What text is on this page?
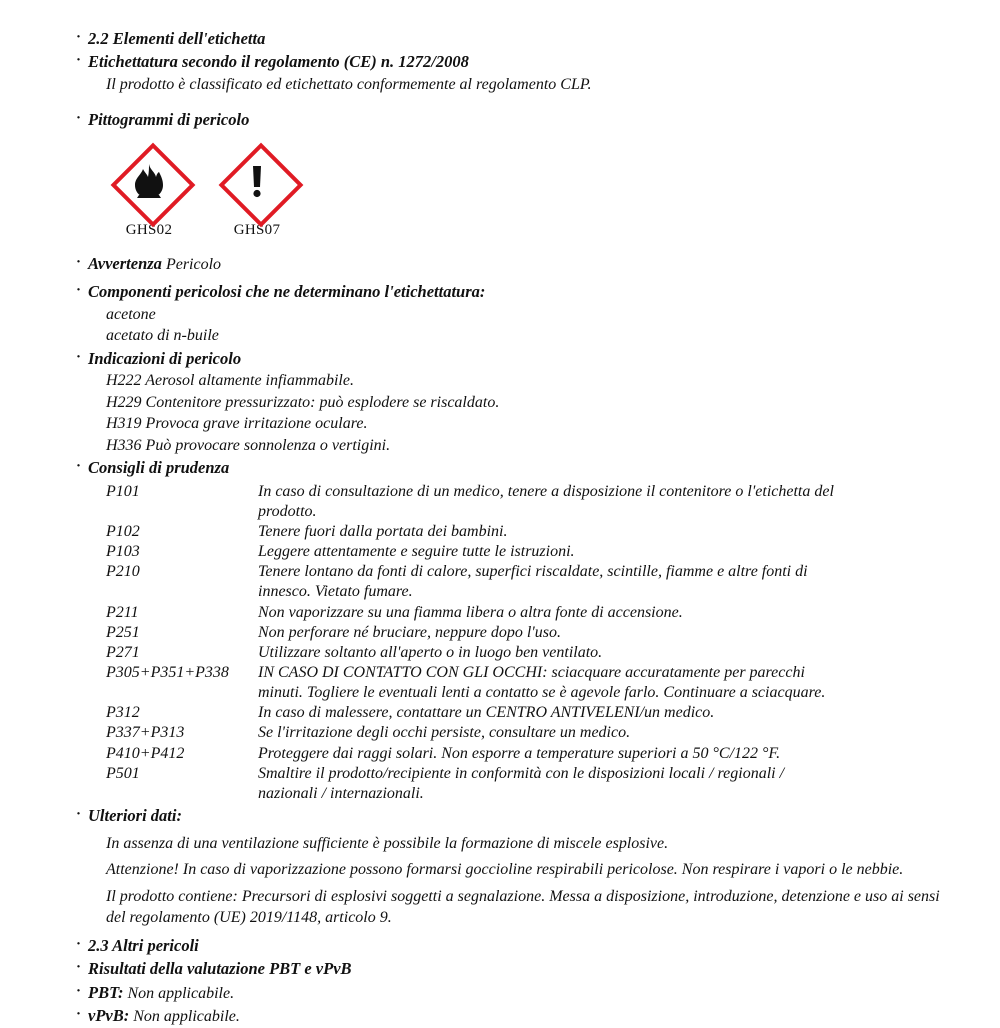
· 2.2 Elementi dell'etichetta
· Etichettatura secondo il regolamento (CE) n. 1272/2008
Il prodotto è classificato ed etichettato conformemente al regolamento CLP.
· Pittogrammi di pericolo
GHS02	GHS07
· Avvertenza Pericolo
· Componenti pericolosi che ne determinano l'etichettatura:
acetone
acetato di n-buile
· Indicazioni di pericolo
H222 Aerosol altamente infiammabile.
H229 Contenitore pressurizzato: può esplodere se riscaldato.
H319 Provoca grave irritazione oculare.
H336 Può provocare sonnolenza o vertigini.
· Consigli di prudenza
P101	In caso di consultazione di un medico, tenere a disposizione il contenitore o l'etichetta del
prodotto.
P102	Tenere fuori dalla portata dei bambini.
P103	Leggere attentamente e seguire tutte le istruzioni.
P210	Tenere lontano da fonti di calore, superfici riscaldate, scintille, fiamme e altre fonti di
innesco. Vietato fumare.
P211	Non vaporizzare su una fiamma libera o altra fonte di accensione.
P251	Non perforare né bruciare, neppure dopo l'uso.
P271	Utilizzare soltanto all'aperto o in luogo ben ventilato.
P305+P351+P338	IN CASO DI CONTATTO CON GLI OCCHI: sciacquare accuratamente per parecchi
minuti. Togliere le eventuali lenti a contatto se è agevole farlo. Continuare a sciacquare.
P312	In caso di malessere, contattare un CENTRO ANTIVELENI/un medico.
P337+P313	Se l'irritazione degli occhi persiste, consultare un medico.
P410+P412	Proteggere dai raggi solari. Non esporre a temperature superiori a 50 °C/122 °F.
P501	Smaltire il prodotto/recipiente in conformità con le disposizioni locali / regionali /
nazionali / internazionali.
· Ulteriori dati:
In assenza di una ventilazione sufficiente è possibile la formazione di miscele esplosive.
Attenzione! In caso di vaporizzazione possono formarsi goccioline respirabili pericolose. Non respirare i vapori o le nebbie.
Il prodotto contiene: Precursori di esplosivi soggetti a segnalazione. Messa a disposizione, introduzione, detenzione e uso ai sensi del regolamento (UE) 2019/1148, articolo 9.
· 2.3 Altri pericoli
· Risultati della valutazione PBT e vPvB
· PBT: Non applicabile.
· vPvB: Non applicabile.
